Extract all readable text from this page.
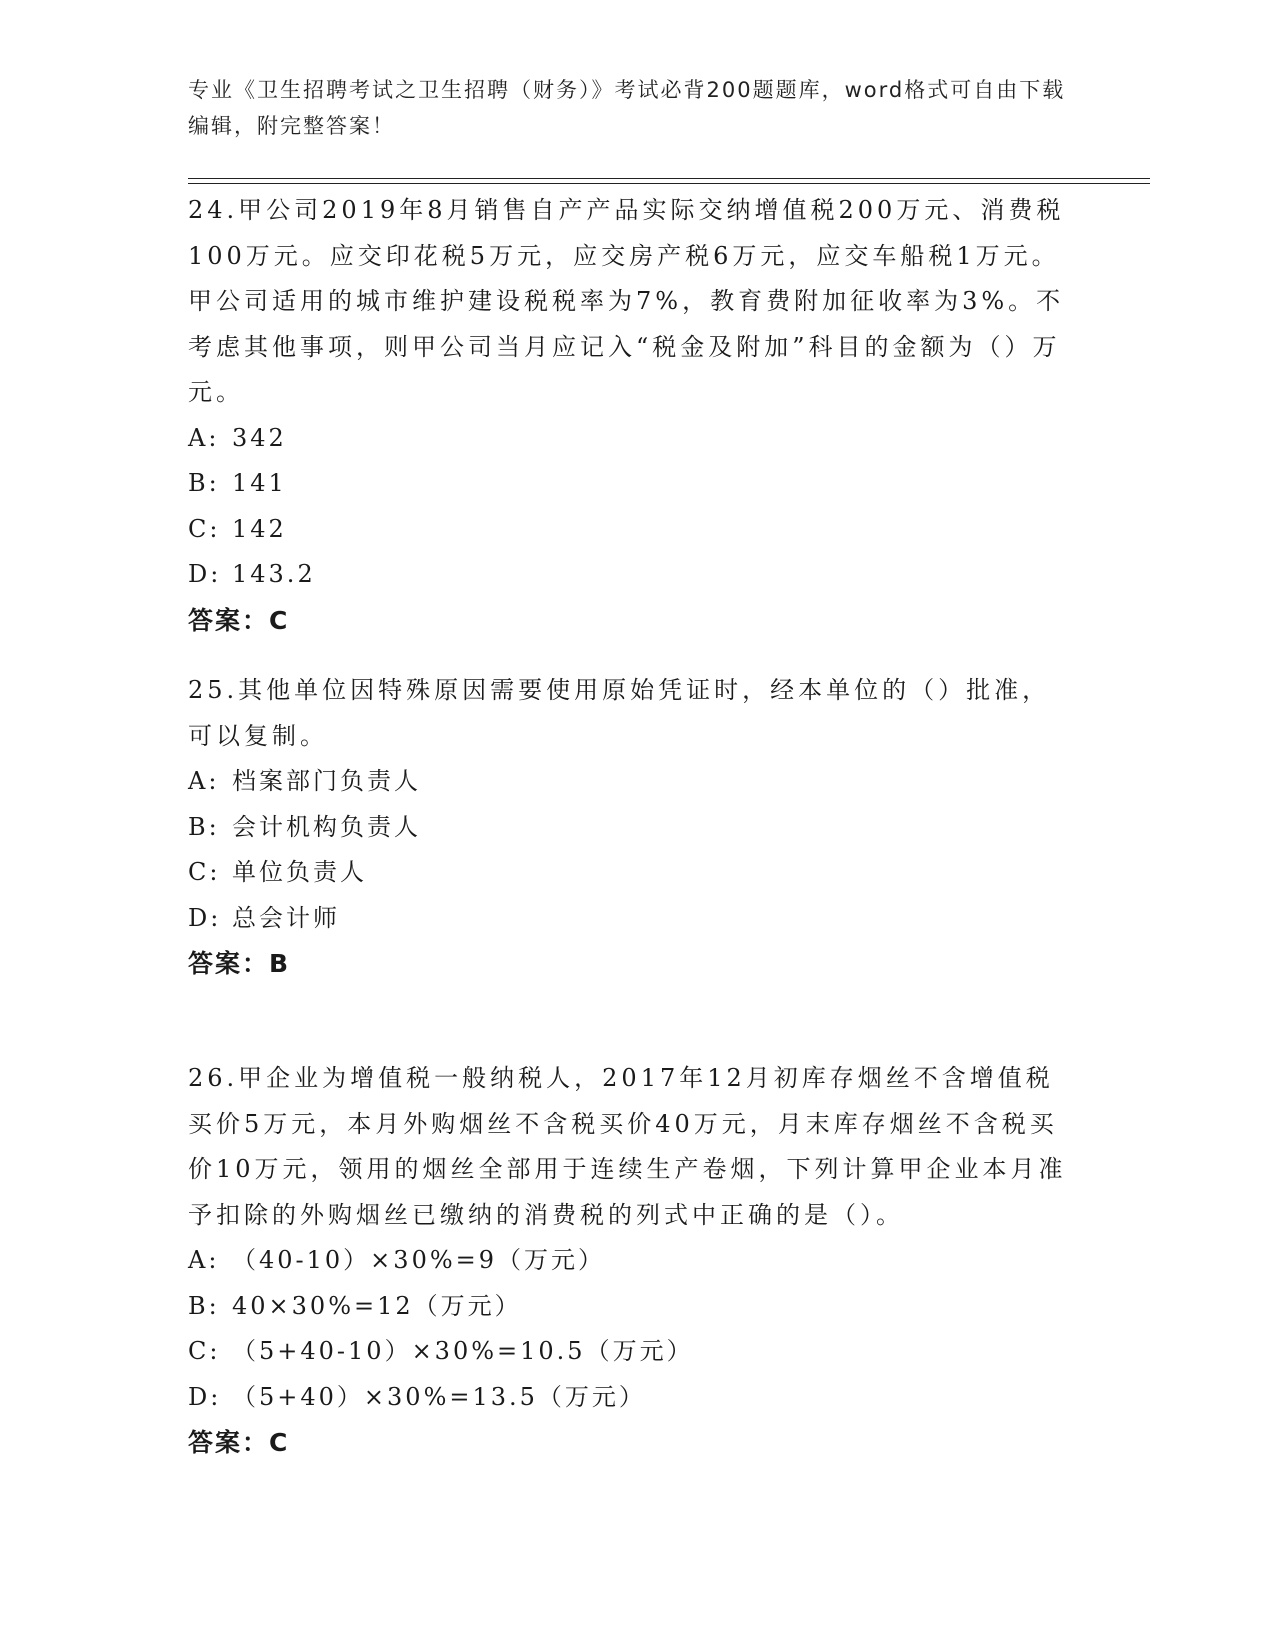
专业《卫生招聘考试之卫生招聘（财务）》考试必背200题题库，word格式可自由下载编辑，附完整答案！

24.甲公司2019年8月销售自产产品实际交纳增值税200万元、消费税100万元。应交印花税5万元，应交房产税6万元，应交车船税1万元。甲公司适用的城市维护建设税税率为7%，教育费附加征收率为3%。不考虑其他事项，则甲公司当月应记入“税金及附加”科目的金额为（）万元。

A: 342

B: 141

C: 142

D: 143.2

答案：C

25.其他单位因特殊原因需要使用原始凭证时，经本单位的（）批准，可以复制。

A: 档案部门负责人

B: 会计机构负责人

C: 单位负责人

D: 总会计师

答案：B

26.甲企业为增值税一般纳税人，2017年12月初库存烟丝不含增值税买价5万元，本月外购烟丝不含税买价40万元，月末库存烟丝不含税买价10万元，领用的烟丝全部用于连续生产卷烟，下列计算甲企业本月准予扣除的外购烟丝已缴纳的消费税的列式中正确的是（）。

A: （40-10）×30%=9（万元）

B: 40×30%=12（万元）

C: （5+40-10）×30%=10.5（万元）

D: （5+40）×30%=13.5（万元）

答案：C
